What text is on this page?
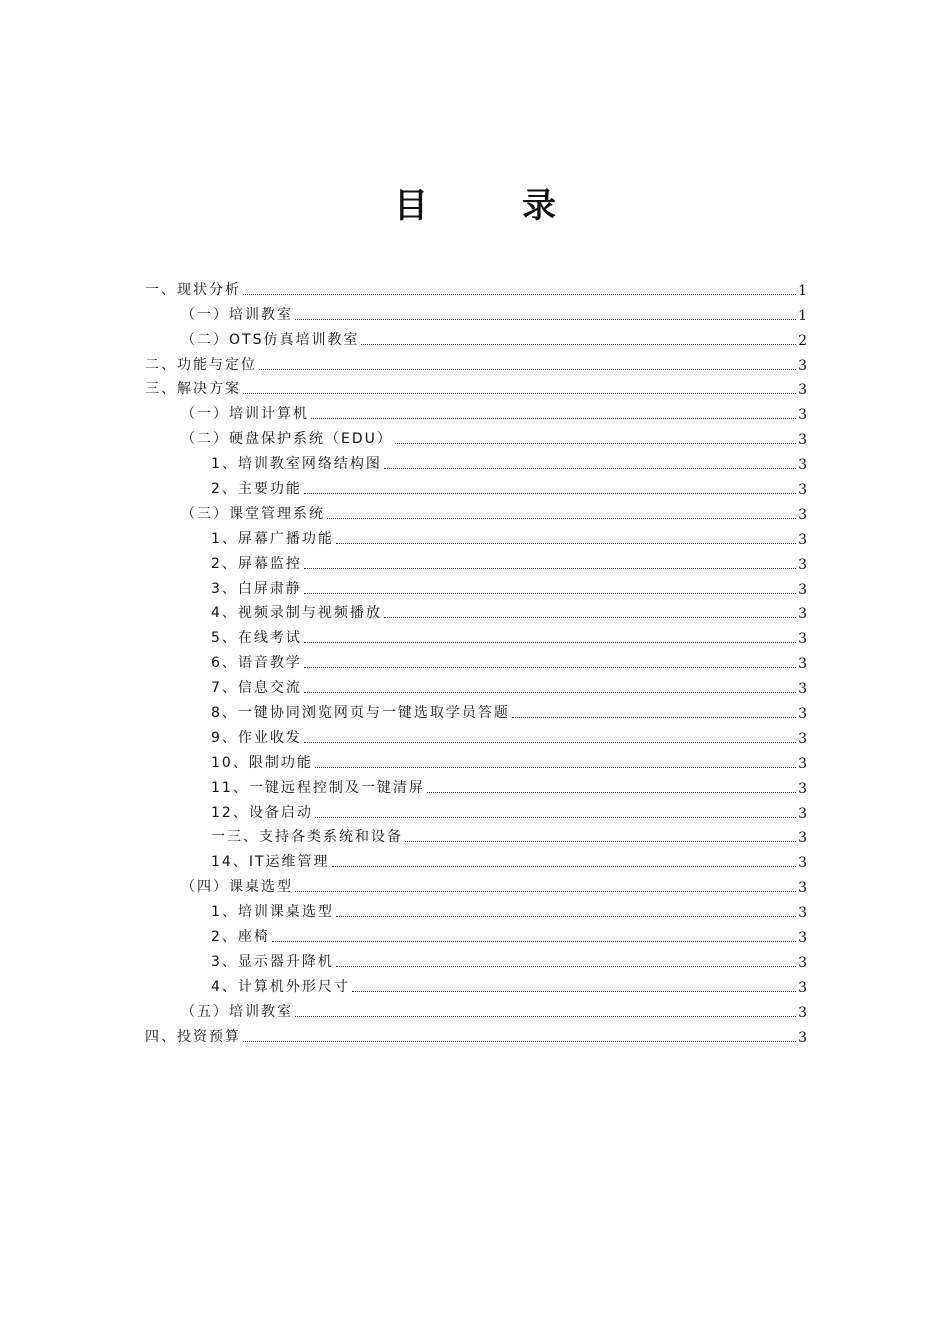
目　录
一、现状分析	1
（一）培训教室	1
（二）OTS仿真培训教室	2
二、功能与定位	3
三、解决方案	3
（一）培训计算机	3
（二）硬盘保护系统（EDU）	3
1、培训教室网络结构图	3
2、主要功能	3
（三）课堂管理系统	3
1、屏幕广播功能	3
2、屏幕监控	3
3、白屏肃静	3
4、视频录制与视频播放	3
5、在线考试	3
6、语音教学	3
7、信息交流	3
8、一键协同浏览网页与一键选取学员答题	3
9、作业收发	3
10、限制功能	3
11、一键远程控制及一键清屏	3
12、设备启动	3
一三、支持各类系统和设备	3
14、IT运维管理	3
（四）课桌选型	3
1、培训课桌选型	3
2、座椅	3
3、显示器升降机	3
4、计算机外形尺寸	3
（五）培训教室	3
四、投资预算	3
